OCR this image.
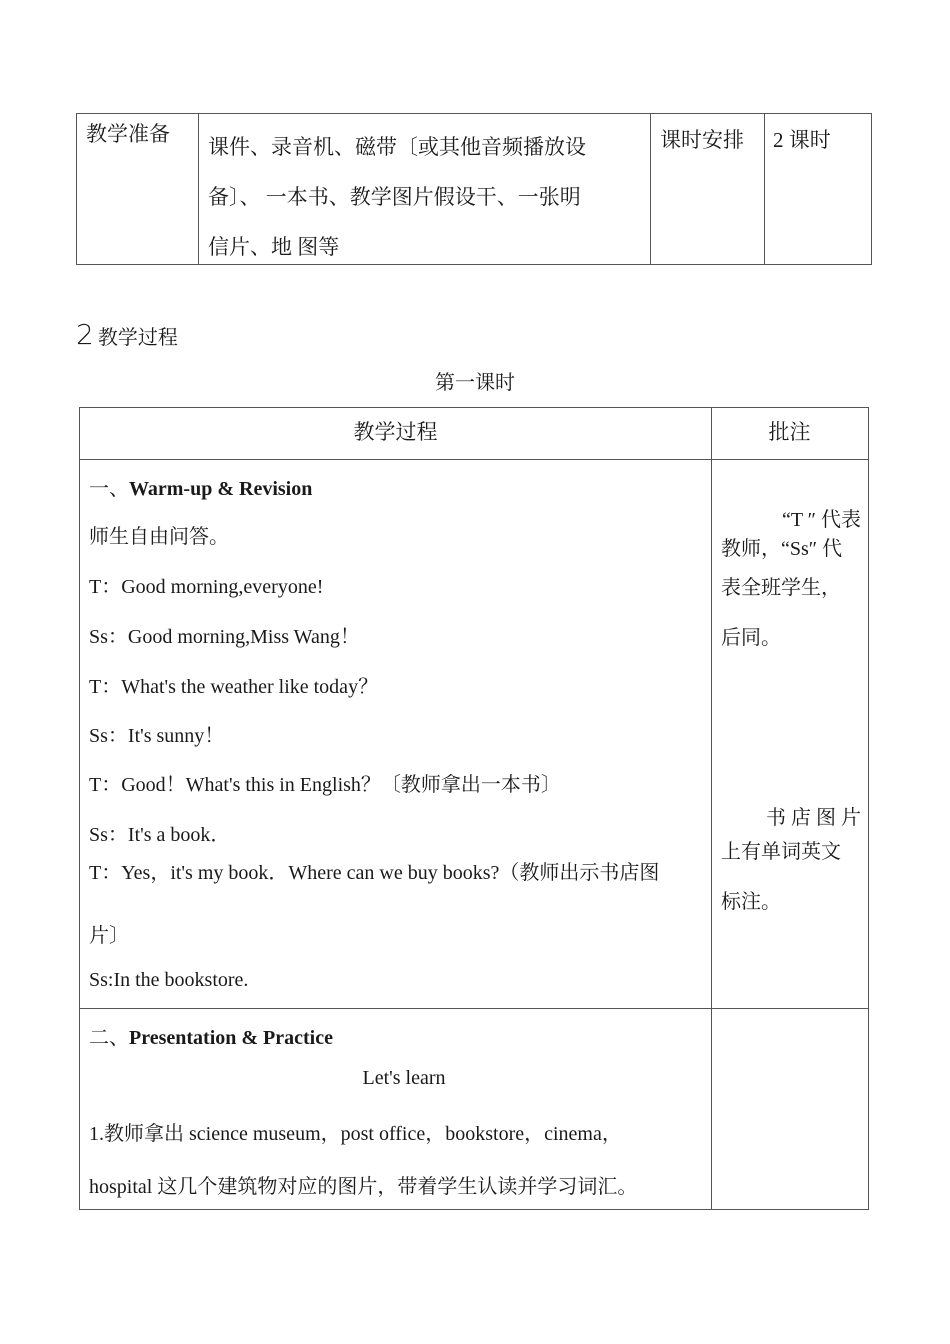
教学准备
课件、录音机、磁带〔或其他音频播放设
备〕、 一本书、教学图片假设干、一张明
信片、地 图等
课时安排 2 课时
2 教学过程
第一课时
教学过程	批注
一、Warm-up & Revision
师生自由问答。
T：Good morning,everyone!
Ss：Good morning,Miss Wang！
T：What's the weather like today？
Ss：It's sunny！
T：Good！What's this in English？〔教师拿出一本书〕
Ss：It's a book．
T：Yes，it's my book．Where can we buy books?（教师出示书店图
片〕
Ss:In the bookstore.
“T ″ 代表
教师，“Ss″ 代
表全班学生，
后同。
书 店 图 片
上有单词英文
标注。
二、Presentation & Practice
Let's learn
1.教师拿出 science museum，post office，bookstore，cinema，
hospital 这几个建筑物对应的图片，带着学生认读并学习词汇。
